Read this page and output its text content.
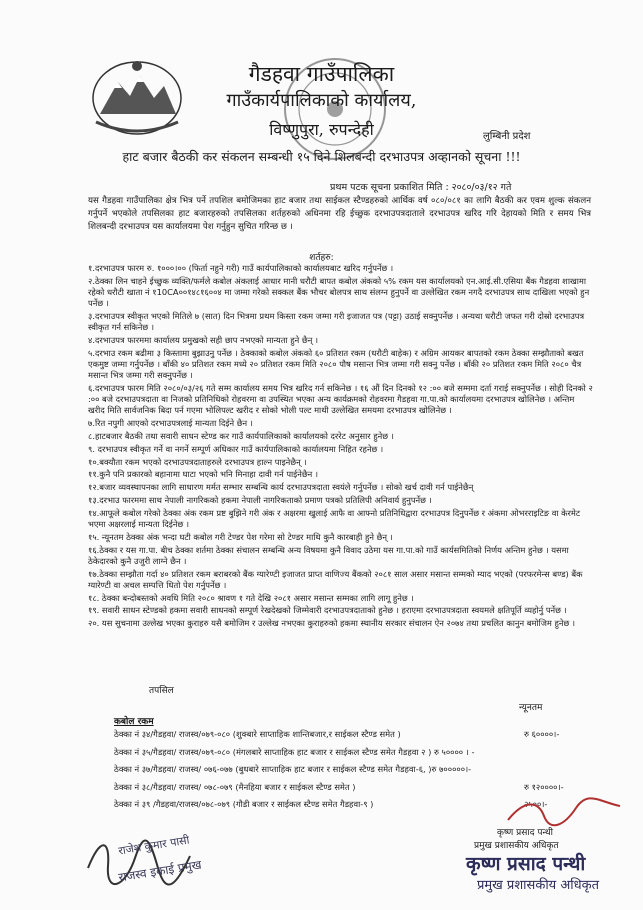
गैडहवा गाउँपालिका
गाउँकार्यपालिकाको कार्यालय,
विष्णुपुरा, रुपन्देही	लुम्बिनी प्रदेश
हाट बजार बैठकी कर संकलन सम्बन्धी १५ दिने शिलबन्दी दरभाउपत्र अव्हानको सूचना !!!
प्रथम पटक सूचना प्रकाशित मिति : २०८०/०३/१२ गते
यस गैडहवा गाउँपालिका क्षेत्र भित्र पर्ने तपशिल बमोजिमका हाट बजार तथा साईकल स्टैण्डहरुको आर्थिक वर्ष ०८०/०८१ का लागि बैठकी कर एवम शुल्क संकलन गर्नुपर्ने भएकोले तपसिलका हाट बजारहरुको तपसिलका शर्तहरुको अधिनमा रहि ईच्छुक दरभाउपत्रदाताले दरभाउपत्र खरिद गरि देहायको मिति र समय भित्र शिलबन्दी दरभाउपत्र यस कार्यालयमा पेश गर्नुहुन सुचित गरिन्छ छ ।
शर्तहरु:

१.दरभाउपत्र फारम रु. १०००।०० (फिर्ता नहुने गरी) गाउँ कार्यपालिकाको कार्यालयबाट खरिद गर्नुपर्नेछ ।

२.ठेक्का लिन चाहने ईच्छुक व्यक्ति/फर्मले कबोल अंकलाई आधार मानी धरौटी बापत कबोल अंकको ५% रकम यस कार्यालयको एन.आई.सी.एसिया बैंक गैडहवा शाखामा रहेको धरौटी खाता नं १10CA००१४८१६००४ मा जम्मा गरेको सक्कल बैंक भौचर बोलपत्र साथ संलग्न हुनुपर्ने वा उल्लेखित रकम नगदै दरभाउपत्र साथ दाखिला भएको हुन पर्नेछ ।

३.दरभाउपत्र स्वीकृत भएको मितिले ७ (सात) दिन भित्रमा प्रथम किस्ता रकम जम्मा गरी इजाजत पत्र (पट्टा) उठाई सक्नुपर्नेछ । अन्यथा धरौटी जफत गरी दोस्रो दरभाउपत्र स्वीकृत गर्न सकिनेछ ।

४.दरभाउपत्र फारममा कार्यालय प्रमुखको सही छाप नभएको मान्यता हुने छैन् ।

५.दरभाउ रकम बढीमा ३ किस्तामा बुझाउनु पर्नेछ । ठेक्काको कबोल अंकको ६० प्रतिशत रकम (धरौटी बाहेक) र अग्रिम आयकर बापतको रकम ठेक्का सम्झौताको बखत एकमुष्ट जम्मा गर्नुपर्नेछ । बाँकी ४० प्रतिशत रकम मध्ये २० प्रतिशत रकम मिति २०८० पौष मसान्त भित्र जम्मा गरी सक्नु पर्नेछ । बाँकी २० प्रतिशत रकम मिति २०८० चैत्र मसान्त भित्र जम्मा गरी सक्नुपर्नेछ ।

६.दरभाउपत्र फारम मिति २०८०/०३/२६ गते सम्म कार्यालय समय भित्र खरिद गर्न सकिनेछ । १६ औं दिन दिनको १२ :०० बजे सम्ममा दर्ता गराई सक्नुपर्नेछ । सोही दिनको २ :०० बजे दरभाउपत्रदाता वा निजको प्रतिनिधिको रोहवरमा वा उपस्थित भएका अन्य कार्यक्रमको रोहवरमा गैडहवा गा.पा.को कार्यालयमा दरभाउपत्र खोलिनेछ । अन्तिम खरीद मिति सार्वजनिक बिदा पर्न गएमा भोलिपल्ट खरीद र सोको भोली पल्ट माथी उल्लेखित समयमा दरभाउपत्र खोलिनेछ ।

७.रित नपुगी आएको दरभाउपत्रलाई मान्यता दिईने छैन ।

८.हाटबजार बैठकी तथा सवारी साधन स्टेण्ड कर गाउँ कार्यपालिकाको कार्यालयको दररेट अनुसार हुनेछ ।

९. दरभाउपत्र स्वीकृत गर्ने वा नगर्ने सम्पूर्ण अधिकार गाउँ कार्यपालिकाको कार्यालयमा निहित रहनेछ ।

१०.बक्यौता रकम भएको दरभाउपत्रदाताहरुले दरभाउपत्र हाल्न पाइनेछैन् ।

११.कुनै पनि प्रकारको बहानामा घाटा भएको भनि मिनाहा दावी गर्न पाईनेछैन ।

१२.बजार व्यवस्थापनका लागि साधारण मर्मत सम्भार सम्बन्धि कार्य दरभाउपत्रदाता स्वयंले गर्नुपर्नेछ । सोको खर्च दावी गर्न पाईनेछैन्

१३.दरभाउ फारममा साथ नेपाली नागरिकको हकमा नेपाली नागरिकताको प्रमाण पत्रको प्रतिलिपी अनिवार्य हुनुपर्नेछ ।

१४.आफूले कबोल गरेको ठेक्का अंक रकम प्रष्ट बुझिने गरी अंक र अक्षरमा खुलाई आफै वा आफ्नो प्रतिनिधिद्वारा दरभाउपत्र दिनुपर्नेछ र अंकमा ओभरराइटिङ वा केरमेट भएमा अक्षरलाई मान्यता दिईनेछ ।

१५. न्यूनतम ठेक्का अंक भन्दा घटी कबोल गरी टेण्डर पेश गरेमा सो टेण्डर माथि कुनै कारबाही हुने छैन् ।

१६.ठेक्का र यस गा.पा. बीच ठेक्का शर्तमा ठेक्का संचालन सम्बन्धि अन्य विषयमा कुनै विवाद उठेमा यस गा.पा.को गाउँ कार्यसमितिको निर्णय अन्तिम हुनेछ । यसमा ठेकेदारको कुनै उजुरी लाग्ने छैन ।

१७.ठेक्का सम्झौता गर्दा ४० प्रतिशत रकम बराबरको बैंक ग्यारेण्टी इजाजत प्राप्त वाणिज्य बैंकको २०८१ साल असार मसान्त सम्मको म्याद भएको (परफरमेन्स बण्ड) बैंक ग्यारेण्टी वा अचल सम्पत्ति धितो पेश गर्नुपर्नेछ ।

१८. ठेक्का बन्दोबस्तको अवधि मिति २०८० श्रावण १ गते देखि २०८१ असार मसान्त सम्मका लागि लागू हुनेछ ।

१९. सवारी साधन स्टेण्डको हकमा सवारी साधनको सम्पूर्ण रेखदेखको जिम्मेवारी दरभाउपत्रदाताको हुनेछ । हराएमा दरभाउपत्रदाता स्वयमले क्षतिपूर्ति व्यहोर्नु पर्नेछ ।

२०. यस सुचनामा उल्लेख भएका कुराहरु यसै बमोजिम र उल्लेख नभएका कुराहरुको हकमा स्थानीय सरकार संचालन ऐन २०७४ तथा प्रचलित कानुन बमोजिम हुनेछ ।

तपसिल
न्यूनतम
कबोल रकम
ठेक्का नं ३४/गैडहवा/ राजस्व/०७९-०८० (शुक्बारे साप्ताहिक शान्तिबजार,र साईकल स्टैण्ड समेत )	रु ६००००।-
ठेक्का नं ३५/गैडहवा/ राजस्व/०७९-०८० (मंगलबारे साप्ताहिक हाट बजार र साईकल स्टैण्ड समेत गैडहवा २ ) रु ५०००० । -
ठेक्का नं ३७/गैडहवा/ राजस्व/ ०७६-०७७ (बुधबारे साप्ताहिक हाट बजार र साईकल स्टैण्ड समेत गैडहवा-६, )रु ७०००००।-
ठेक्का नं ३८/गैडहवा/ राजस्व/ ०७८-०७९ (मैनहिया बजार र साईकल स्टैण्ड समेत )	रु १२००००।-
ठेक्का नं ३९ /गैडहवा/राजस्व/०७८-०७९ (गौडी बजार र साईकल स्टैण्ड समेत गैडहवा-९ )	२५००।-
राजेश कुमार पासी
राजस्व इकाई प्रमुख
कृष्ण प्रसाद पन्थी
प्रमुख प्रशासकीय अधिकृत
कृष्ण प्रसाद पन्थी
प्रमुख प्रशासकीय अधिकृत
